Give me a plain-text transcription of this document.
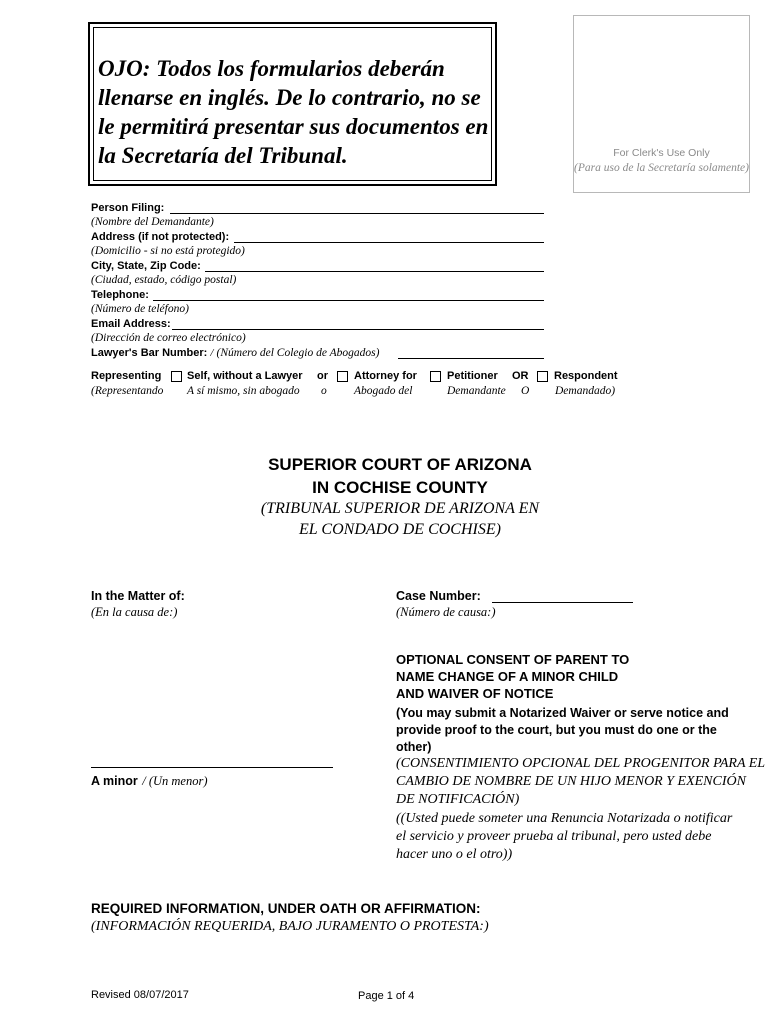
OJO: Todos los formularios deberán llenarse en inglés. De lo contrario, no se le permitirá presentar sus documentos en la Secretaría del Tribunal.	For Clerk's Use Only
(Para uso de la Secretaría solamente)
Person Filing:
(Nombre del Demandante)
Address (if not protected):
(Domicilio - si no está protegido)
City, State, Zip Code:
(Ciudad, estado, código postal)
Telephone:
(Número de teléfono)
Email Address:
(Dirección de correo electrónico)
Lawyer's Bar Number: / (Número del Colegio de Abogados)
Representing Self, without a Lawyer or Attorney for	Petitioner OR Respondent
(Representando A sí mismo, sin abogado o Abogado del	Demandante O Demandado)
SUPERIOR COURT OF ARIZONA
IN COCHISE COUNTY
(TRIBUNAL SUPERIOR DE ARIZONA EN
EL CONDADO DE COCHISE)
In the Matter of:
(En la causa de:)
Case Number:
(Número de causa:)
A minor / (Un menor)
OPTIONAL CONSENT OF PARENT TO
NAME CHANGE OF A MINOR CHILD
AND WAIVER OF NOTICE
(You may submit a Notarized Waiver or serve notice and provide proof to the court, but you must do one or the other)
(CONSENTIMIENTO OPCIONAL DEL PROGENITOR PARA EL CAMBIO DE NOMBRE DE UN HIJO MENOR Y EXENCIÓN DE NOTIFICACIÓN)
((Usted puede someter una Renuncia Notarizada o notificar el servicio y proveer prueba al tribunal, pero usted debe hacer uno o el otro))
REQUIRED INFORMATION, UNDER OATH OR AFFIRMATION:
(INFORMACIÓN REQUERIDA, BAJO JURAMENTO O PROTESTA:)
Revised 08/07/2017	Page 1 of 4
